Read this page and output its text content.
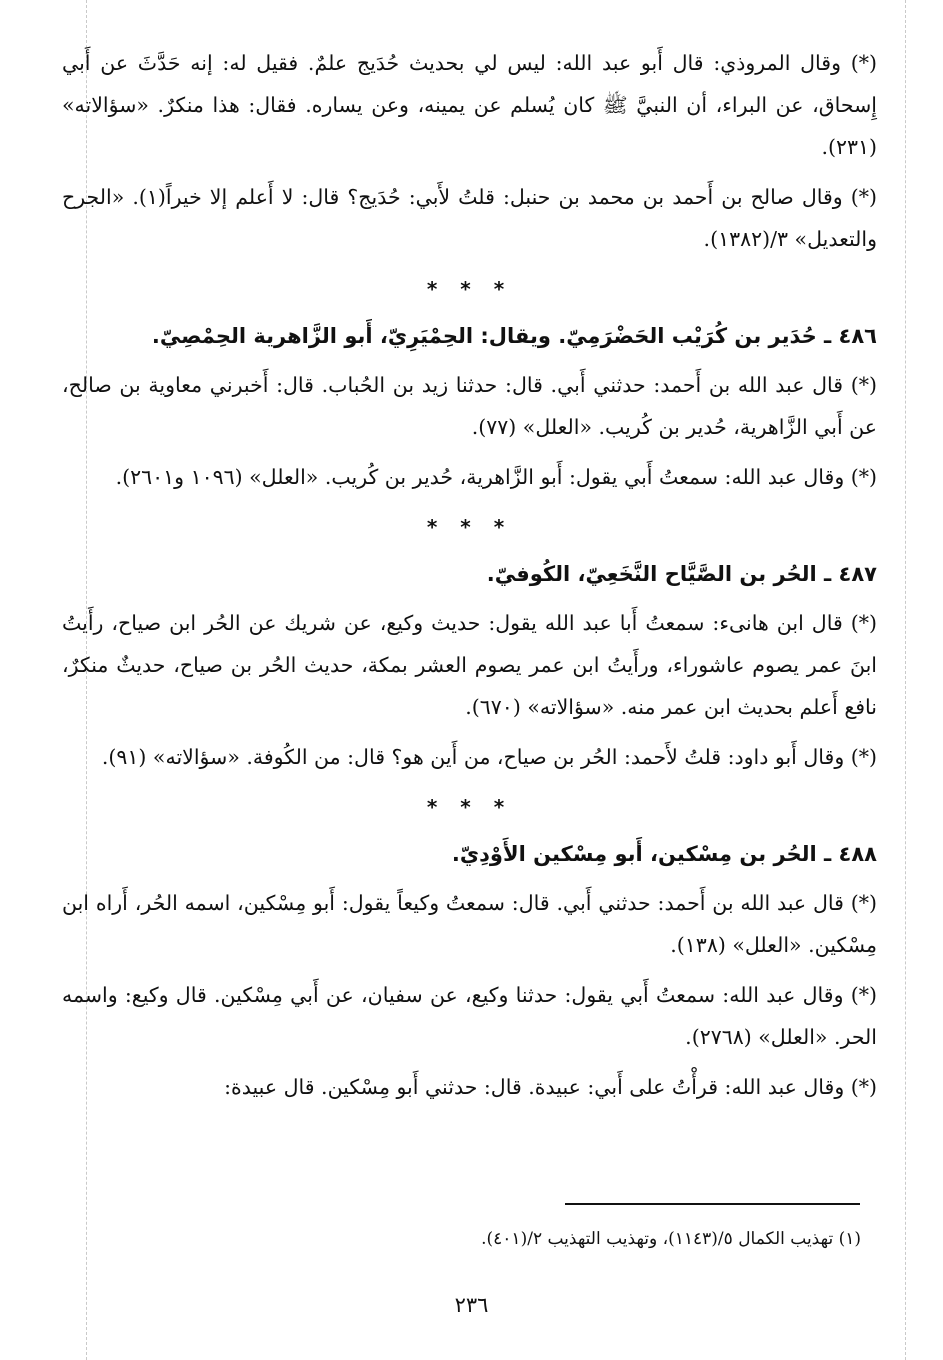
(*) وقال المروذي: قال أَبو عبد الله: ليس لي بحديث حُدَيج علمٌ. فقيل له: إنه حَدَّثَ عن أَبي إِسحاق، عن البراء، أن النبيَّ ﷺ كان يُسلم عن يمينه، وعن يساره. فقال: هذا منكرٌ. «سؤالاته» (٢٣١).

(*) وقال صالح بن أَحمد بن محمد بن حنبل: قلتُ لأَبي: حُدَيج؟ قال: لا أَعلم إلا خيراً(١). «الجرح والتعديل» ٣/(١٣٨٢).

* * *
٤٨٦ ـ حُدَير بن كُرَيْب الحَضْرَمِيّ. ويقال: الحِمْيَرِيّ، أَبو الزَّاهرية الحِمْصِيّ.

(*) قال عبد الله بن أَحمد: حدثني أَبي. قال: حدثنا زيد بن الحُباب. قال: أَخبرني معاوية بن صالح، عن أَبي الزَّاهرية، حُدير بن كُريب. «العلل» (٧٧).

(*) وقال عبد الله: سمعتُ أَبي يقول: أَبو الزَّاهرية، حُدير بن كُريب. «العلل» (١٠٩٦ و٢٦٠١).

* * *
٤٨٧ ـ الحُر بن الصَّيَّاح النَّخَعِيّ، الكُوفيّ.

(*) قال ابن هانىء: سمعتُ أَبا عبد الله يقول: حديث وكيع، عن شريك عن الحُر ابن صياح، رأَيتُ ابنَ عمر يصوم عاشوراء، ورأَيتُ ابن عمر يصوم العشر بمكة، حديث الحُر بن صياح، حديثٌ منكرٌ، نافع أَعلم بحديث ابن عمر منه. «سؤالاته» (٦٧٠).

(*) وقال أَبو داود: قلتُ لأَحمد: الحُر بن صياح، من أَين هو؟ قال: من الكُوفة. «سؤالاته» (٩١).

* * *
٤٨٨ ـ الحُر بن مِسْكين، أَبو مِسْكين الأَوْدِيّ.

(*) قال عبد الله بن أَحمد: حدثني أَبي. قال: سمعتُ وكيعاً يقول: أَبو مِسْكين، اسمه الحُر، أَراه ابن مِسْكين. «العلل» (١٣٨).

(*) وقال عبد الله: سمعتُ أَبي يقول: حدثنا وكيع، عن سفيان، عن أَبي مِسْكين. قال وكيع: واسمه الحر. «العلل» (٢٧٦٨).

(*) وقال عبد الله: قرأْتُ على أَبي: عبيدة. قال: حدثني أَبو مِسْكين. قال عبيدة:

(١) تهذيب الكمال ٥/(١١٤٣)، وتهذيب التهذيب ٢/(٤٠١).
٢٣٦
